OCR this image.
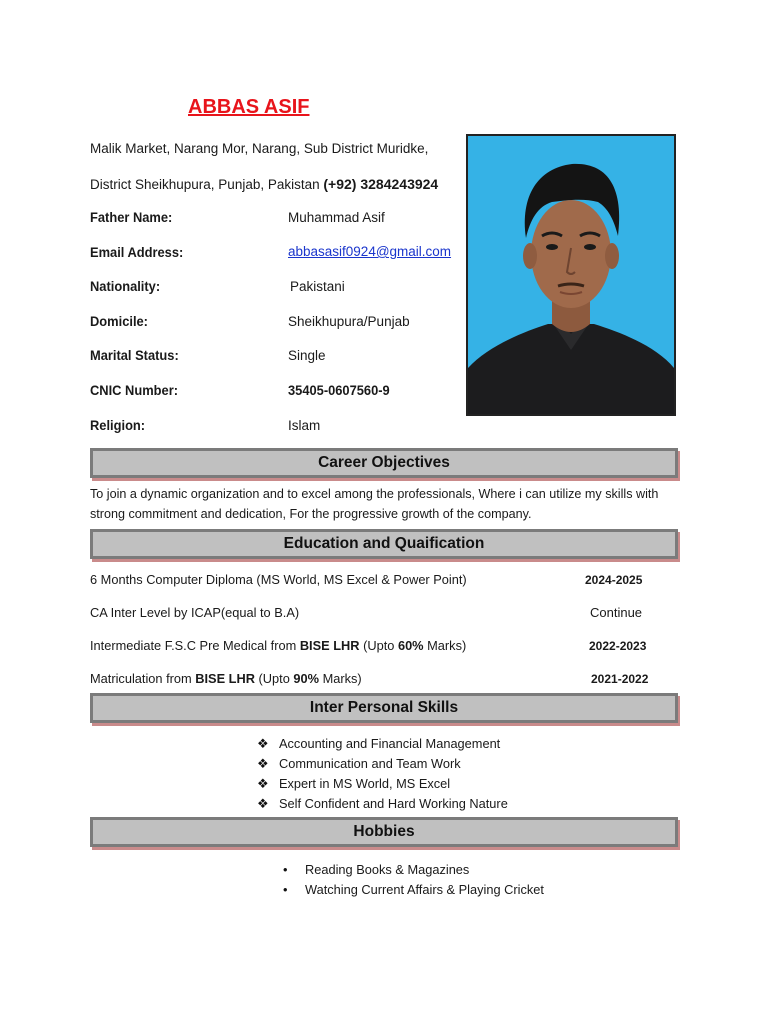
ABBAS ASIF
Malik Market, Narang Mor, Narang, Sub District Muridke,
District Sheikhupura, Punjab, Pakistan (+92) 3284243924
Father Name:	Muhammad Asif
Email Address:	abbasasif0924@gmail.com
Nationality:	Pakistani
Domicile:	Sheikhupura/Punjab
Marital Status:	Single
CNIC Number:	35405-0607560-9
Religion:	Islam
Career Objectives
To join a dynamic organization and to excel among the professionals, Where i can utilize my skills with strong commitment and dedication, For the progressive growth of the company.
Education and Quaification
6 Months Computer Diploma (MS World, MS Excel & Power Point)	2024-2025
CA Inter Level by ICAP(equal to B.A)	Continue
Intermediate F.S.C Pre Medical from BISE LHR (Upto 60% Marks)	2022-2023
Matriculation from BISE LHR (Upto 90% Marks)	2021-2022
Inter Personal Skills
❖ Accounting and Financial Management
❖ Communication and Team Work
❖ Expert in MS World, MS Excel
❖ Self Confident and Hard Working Nature
Hobbies
• Reading Books & Magazines
• Watching Current Affairs & Playing Cricket
